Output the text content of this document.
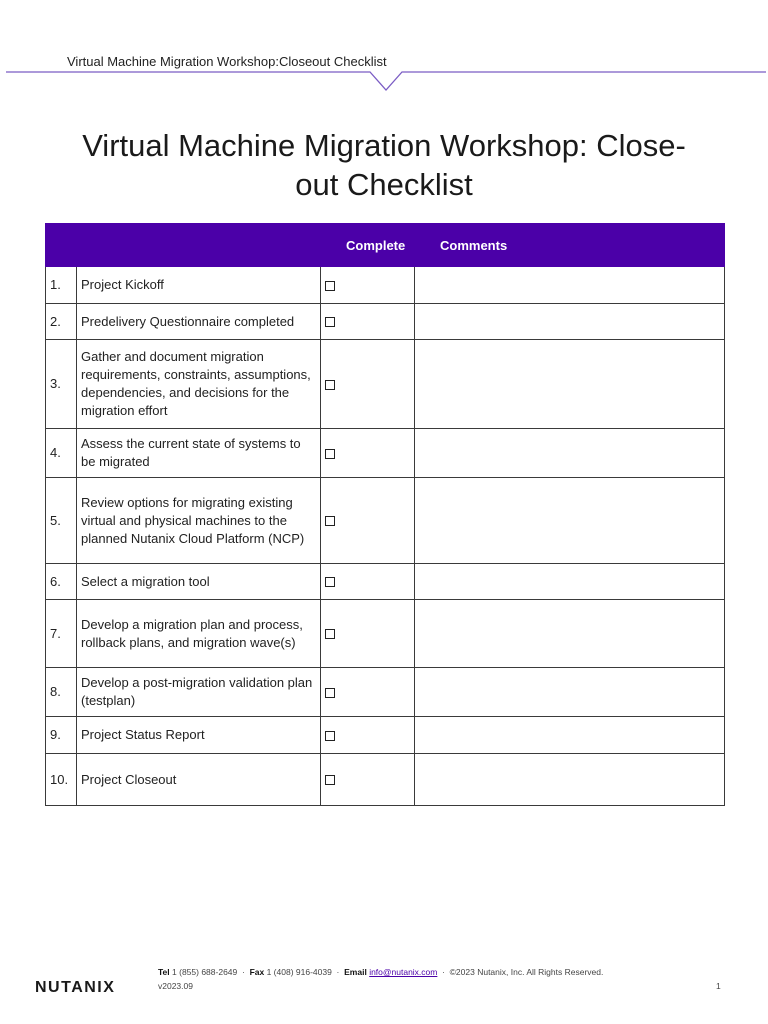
Virtual Machine Migration Workshop:Closeout Checklist
Virtual Machine Migration Workshop: Close-
out Checklist
		Complete	Comments
1.	Project Kickoff		
2.	Predelivery Questionnaire completed		
3.	Gather and document migration requirements, constraints, assumptions, dependencies, and decisions for the migration effort		
4.	Assess the current state of systems to be migrated		
5.	Review options for migrating existing virtual and physical machines to the planned Nutanix Cloud Platform (NCP)		
6.	Select a migration tool		
7.	Develop a migration plan and process, rollback plans, and migration wave(s)		
8.	Develop a post-migration validation plan (testplan)		
9.	Project Status Report		
10.	Project Closeout		
NUTANIX
Tel 1 (855) 688-2649 · Fax 1 (408) 916-4039 · Email info@nutanix.com · ©2023 Nutanix, Inc. All Rights Reserved.
v2023.09	1
